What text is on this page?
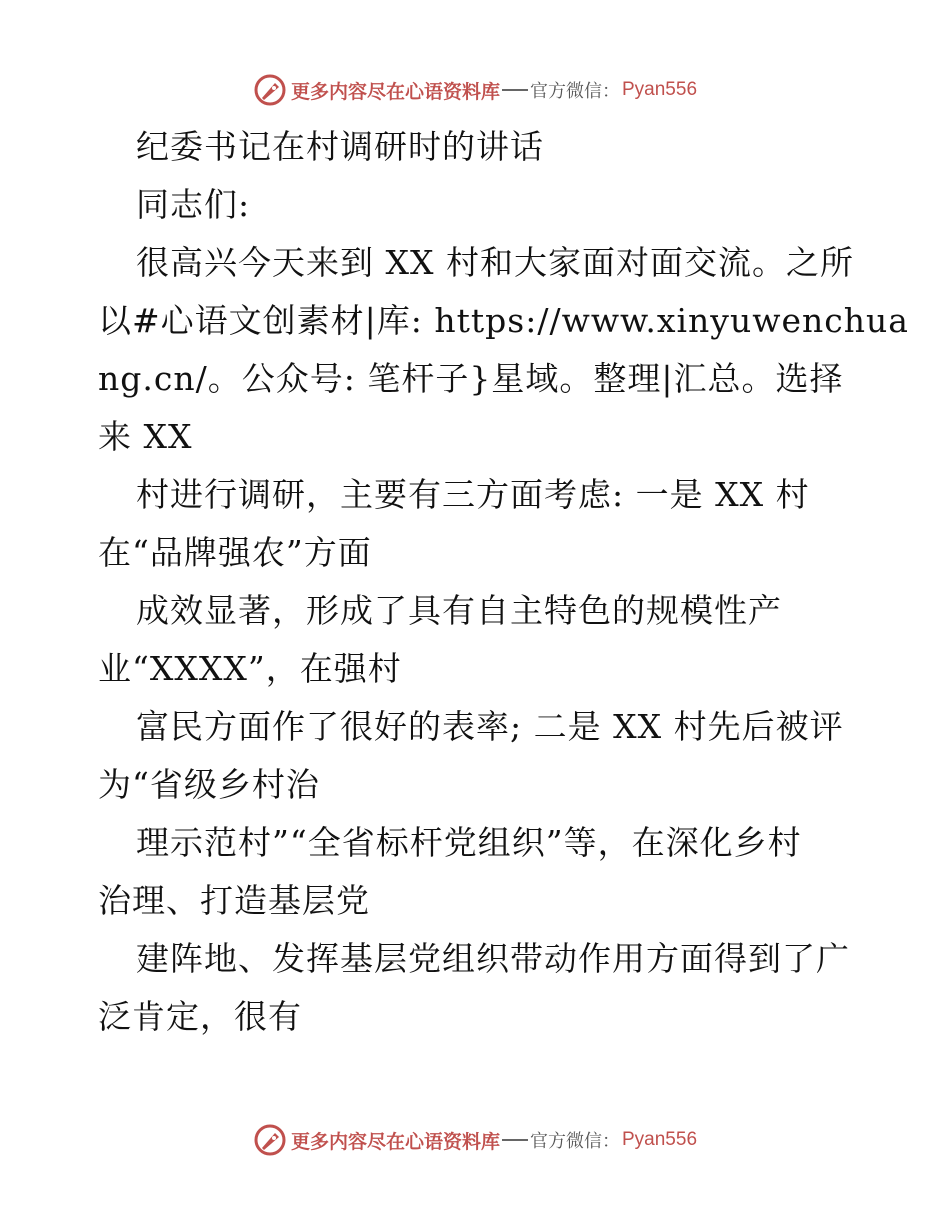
更多内容尽在心语资料库 官方微信： Pyan556
纪委书记在村调研时的讲话
同志们:
很高兴今天来到 XX 村和大家面对面交流。之所
以#心语文创素材|库: https://www.xinyuwenchua
ng.cn/。公众号: 笔杆子}星域。整理|汇总。选择
来 XX
村进行调研，主要有三方面考虑: 一是 XX 村
在“品牌强农”方面
成效显著，形成了具有自主特色的规模性产
业“XXXX”，在强村
富民方面作了很好的表率; 二是 XX 村先后被评
为“省级乡村治
理示范村”“全省标杆党组织”等，在深化乡村
治理、打造基层党
建阵地、发挥基层党组织带动作用方面得到了广
泛肯定，很有
更多内容尽在心语资料库 官方微信： Pyan556
